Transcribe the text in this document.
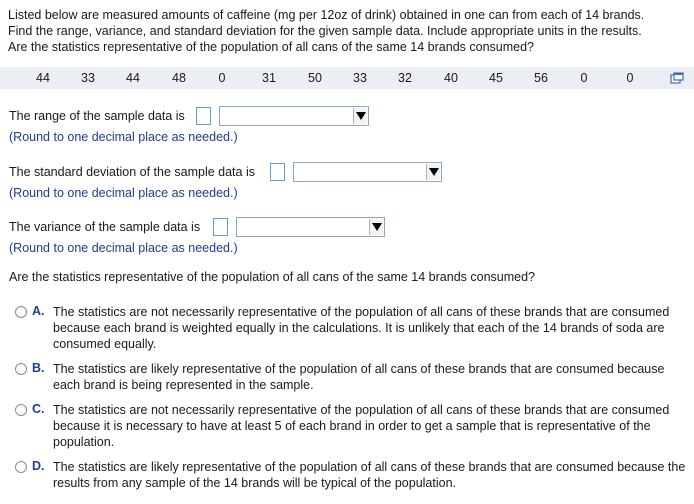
Listed below are measured amounts of caffeine (mg per 12oz of drink) obtained in one can from each of 14 brands.
Find the range, variance, and standard deviation for the given sample data. Include appropriate units in the results.
Are the statistics representative of the population of all cans of the same 14 brands consumed?
44 33 44	48	0	31	50 33 32	40 45 56	0	0
The range of the sample data is
(Round to one decimal place as needed.)
The standard deviation of the sample data is
(Round to one decimal place as needed.)
The variance of the sample data is
(Round to one decimal place as needed.)
Are the statistics representative of the population of all cans of the same 14 brands consumed?
A. The statistics are not necessarily representative of the population of all cans of these brands that are consumed because each brand is weighted equally in the calculations. It is unlikely that each of the 14 brands of soda are consumed equally.
B. The statistics are likely representative of the population of all cans of these brands that are consumed because each brand is being represented in the sample.
C. The statistics are not necessarily representative of the population of all cans of these brands that are consumed because it is necessary to have at least 5 of each brand in order to get a sample that is representative of the population.
D. The statistics are likely representative of the population of all cans of these brands that are consumed because the results from any sample of the 14 brands will be typical of the population.
